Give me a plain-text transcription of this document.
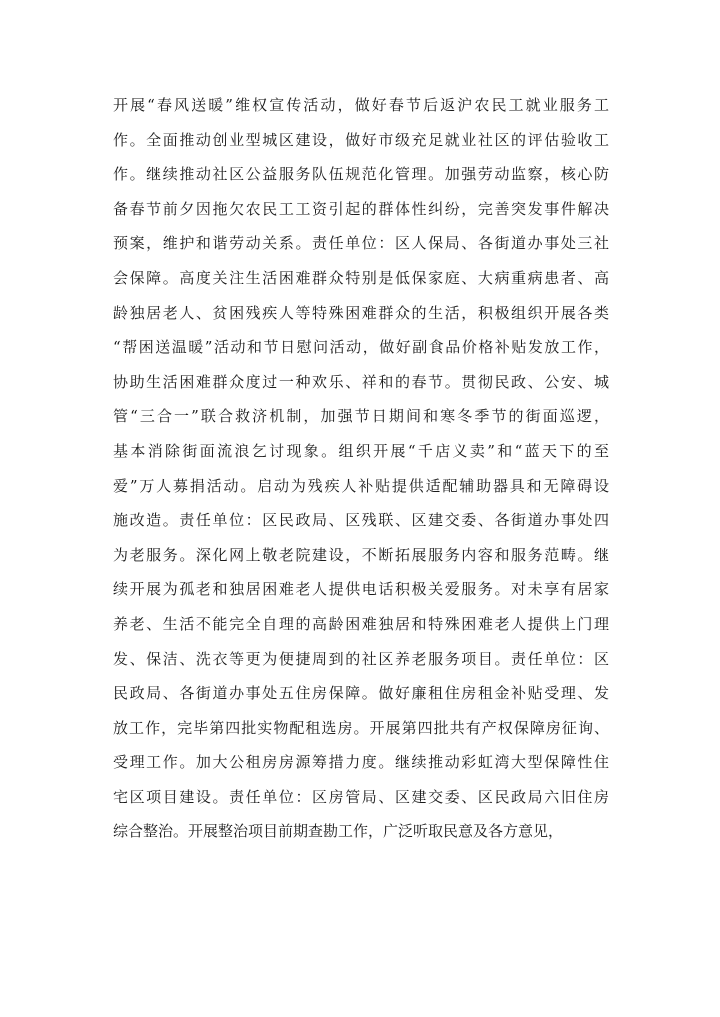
开展“春风送暖”维权宣传活动，做好春节后返沪农民工就业服务工
作。全面推动创业型城区建设，做好市级充足就业社区的评估验收工
作。继续推动社区公益服务队伍规范化管理。加强劳动监察，核心防
备春节前夕因拖欠农民工工资引起的群体性纠纷，完善突发事件解决
预案，维护和谐劳动关系。责任单位：区人保局、各街道办事处三社
会保障。高度关注生活困难群众特别是低保家庭、大病重病患者、高
龄独居老人、贫困残疾人等特殊困难群众的生活，积极组织开展各类
“帮困送温暖”活动和节日慰问活动，做好副食品价格补贴发放工作，
协助生活困难群众度过一种欢乐、祥和的春节。贯彻民政、公安、城
管“三合一”联合救济机制，加强节日期间和寒冬季节的街面巡逻，
基本消除街面流浪乞讨现象。组织开展“千店义卖”和“蓝天下的至
爱”万人募捐活动。启动为残疾人补贴提供适配辅助器具和无障碍设
施改造。责任单位：区民政局、区残联、区建交委、各街道办事处四
为老服务。深化网上敬老院建设，不断拓展服务内容和服务范畴。继
续开展为孤老和独居困难老人提供电话积极关爱服务。对未享有居家
养老、生活不能完全自理的高龄困难独居和特殊困难老人提供上门理
发、保洁、洗衣等更为便捷周到的社区养老服务项目。责任单位：区
民政局、各街道办事处五住房保障。做好廉租住房租金补贴受理、发
放工作，完毕第四批实物配租选房。开展第四批共有产权保障房征询、
受理工作。加大公租房房源筹措力度。继续推动彩虹湾大型保障性住
宅区项目建设。责任单位：区房管局、区建交委、区民政局六旧住房
综合整治。开展整治项目前期查勘工作，广泛听取民意及各方意见，
